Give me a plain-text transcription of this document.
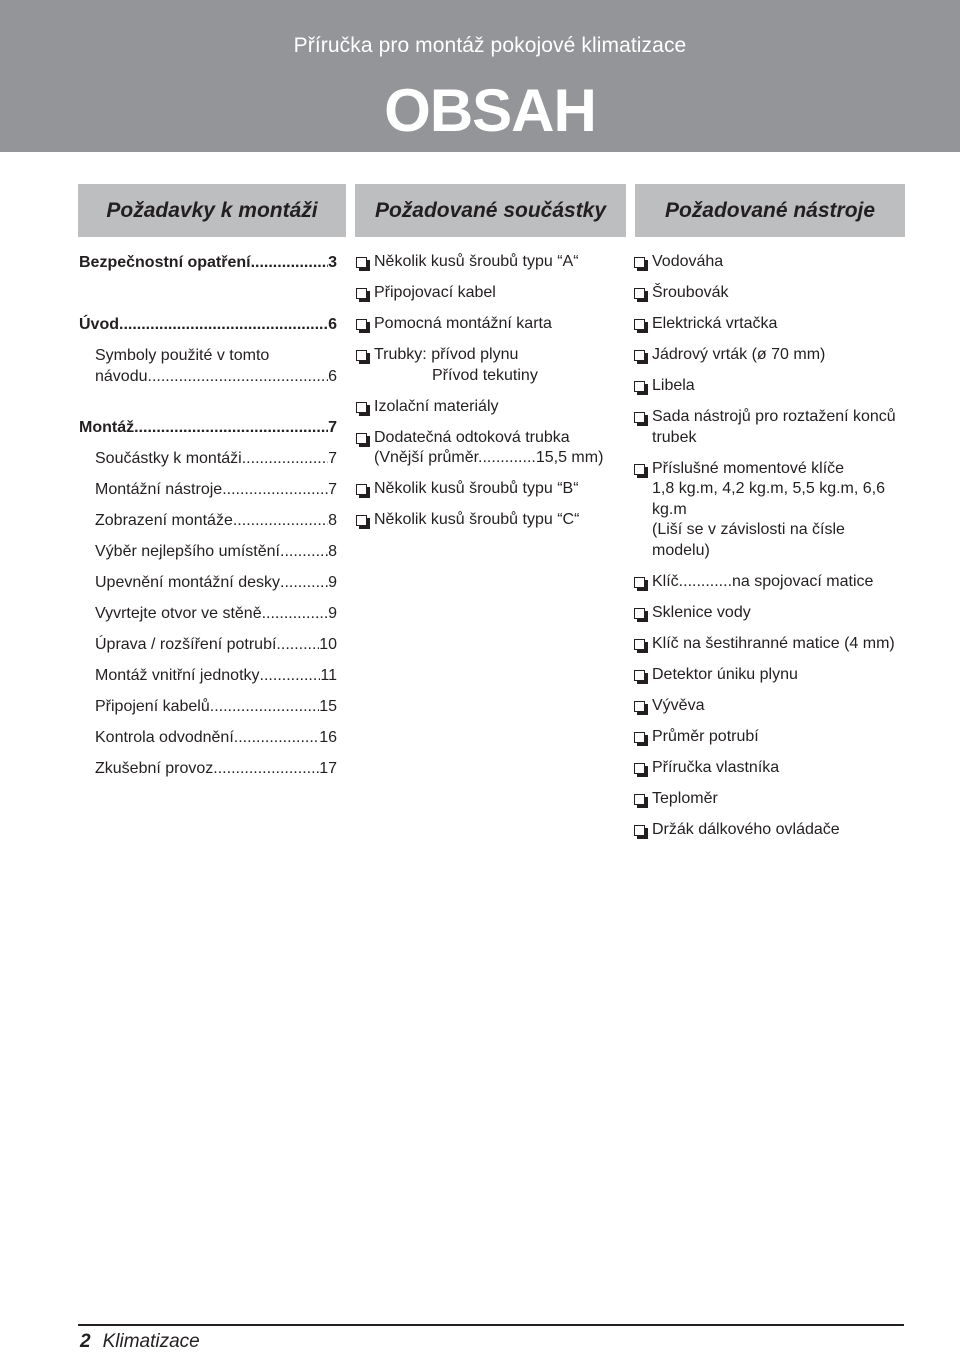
Příručka pro montáž pokojové klimatizace
OBSAH
Požadavky k montáži	Požadované součástky	Požadované nástroje
Bezpečnostní opatření .....	3
Úvod .....	6
Symboly použité v tomto
návodu .....	6
Montáž .....	7
Součástky k montáži .....	7
Montážní nástroje .....	7
Zobrazení montáže .....	8
Výběr nejlepšího umístění .....	8
Upevnění montážní desky .....	9
Vyvrtejte otvor ve stěně .....	9
Úprava / rozšíření potrubí .....	10
Montáž vnitřní jednotky .....	11
Připojení kabelů .....	15
Kontrola odvodnění .....	16
Zkušební provoz .....	17
Několik kusů šroubů typu “A“
Připojovací kabel
Pomocná montážní karta
Trubky: přívod plynu
Přívod tekutiny
Izolační materiály
Dodatečná odtoková trubka
(Vnější průměr.............15,5 mm)
Několik kusů šroubů typu “B“
Několik kusů šroubů typu “C“
Vodováha
Šroubovák
Elektrická vrtačka
Jádrový vrták (ø 70 mm)
Libela
Sada nástrojů pro roztažení konců
trubek
Příslušné momentové klíče
1,8 kg.m, 4,2 kg.m, 5,5 kg.m, 6,6
kg.m
(Liší se v závislosti na čísle
modelu)
Klíč............na spojovací matice
Sklenice vody
Klíč na šestihranné matice (4 mm)
Detektor úniku plynu
Vývěva
Průměr potrubí
Příručka vlastníka
Teploměr
Držák dálkového ovládače
2 Klimatizace
